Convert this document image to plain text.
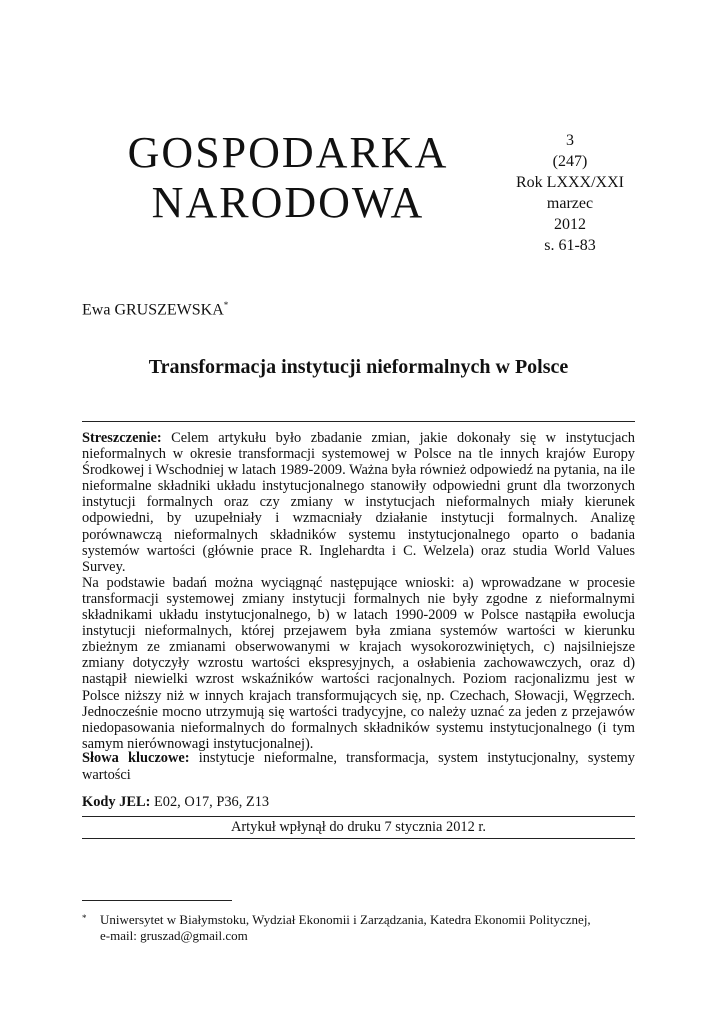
GOSPODARKA
NARODOWA
3
(247)
Rok LXXX/XXI
marzec
2012
s. 61-83
Ewa GRUSZEWSKA*
Transformacja instytucji nieformalnych w Polsce

Streszczenie: Celem artykułu było zbadanie zmian, jakie dokonały się w instytucjach nieformalnych w okresie transformacji systemowej w Polsce na tle innych krajów Europy Środkowej i Wschodniej w latach 1989-2009. Ważna była również odpowiedź na pytania, na ile nieformalne składniki układu instytucjonalnego stanowiły odpowiedni grunt dla tworzonych instytucji formalnych oraz czy zmiany w instytucjach nieformalnych miały kierunek odpowiedni, by uzupełniały i wzmacniały działanie instytucji formalnych. Analizę porównawczą nieformalnych składników systemu instytucjonalnego oparto o badania systemów wartości (głównie prace R. Inglehardta i C. Welzela) oraz studia World Values Survey.

Na podstawie badań można wyciągnąć następujące wnioski: a) wprowadzane w procesie transformacji systemowej zmiany instytucji formalnych nie były zgodne z nieformalnymi składnikami układu instytucjonalnego, b) w latach 1990-2009 w Polsce nastąpiła ewolucja instytucji nieformalnych, której przejawem była zmiana systemów wartości w kierunku zbieżnym ze zmianami obserwowanymi w krajach wysokorozwiniętych, c) najsilniejsze zmiany dotyczyły wzrostu wartości ekspresyjnych, a osłabienia zachowawczych, oraz d) nastąpił niewielki wzrost wskaźników wartości racjonalnych. Poziom racjonalizmu jest w Polsce niższy niż w innych krajach transformujących się, np. Czechach, Słowacji, Węgrzech. Jednocześnie mocno utrzymują się wartości tradycyjne, co należy uznać za jeden z przejawów niedopasowania nieformalnych do formalnych składników systemu instytucjonalnego (i tym samym nierównowagi instytucjonalnej).

Słowa kluczowe: instytucje nieformalne, transformacja, system instytucjonalny, systemy wartości
Kody JEL: E02, O17, P36, Z13
Artykuł wpłynął do druku 7 stycznia 2012 r.
* Uniwersytet w Białymstoku, Wydział Ekonomii i Zarządzania, Katedra Ekonomii Politycznej,
e-mail: gruszad@gmail.com
